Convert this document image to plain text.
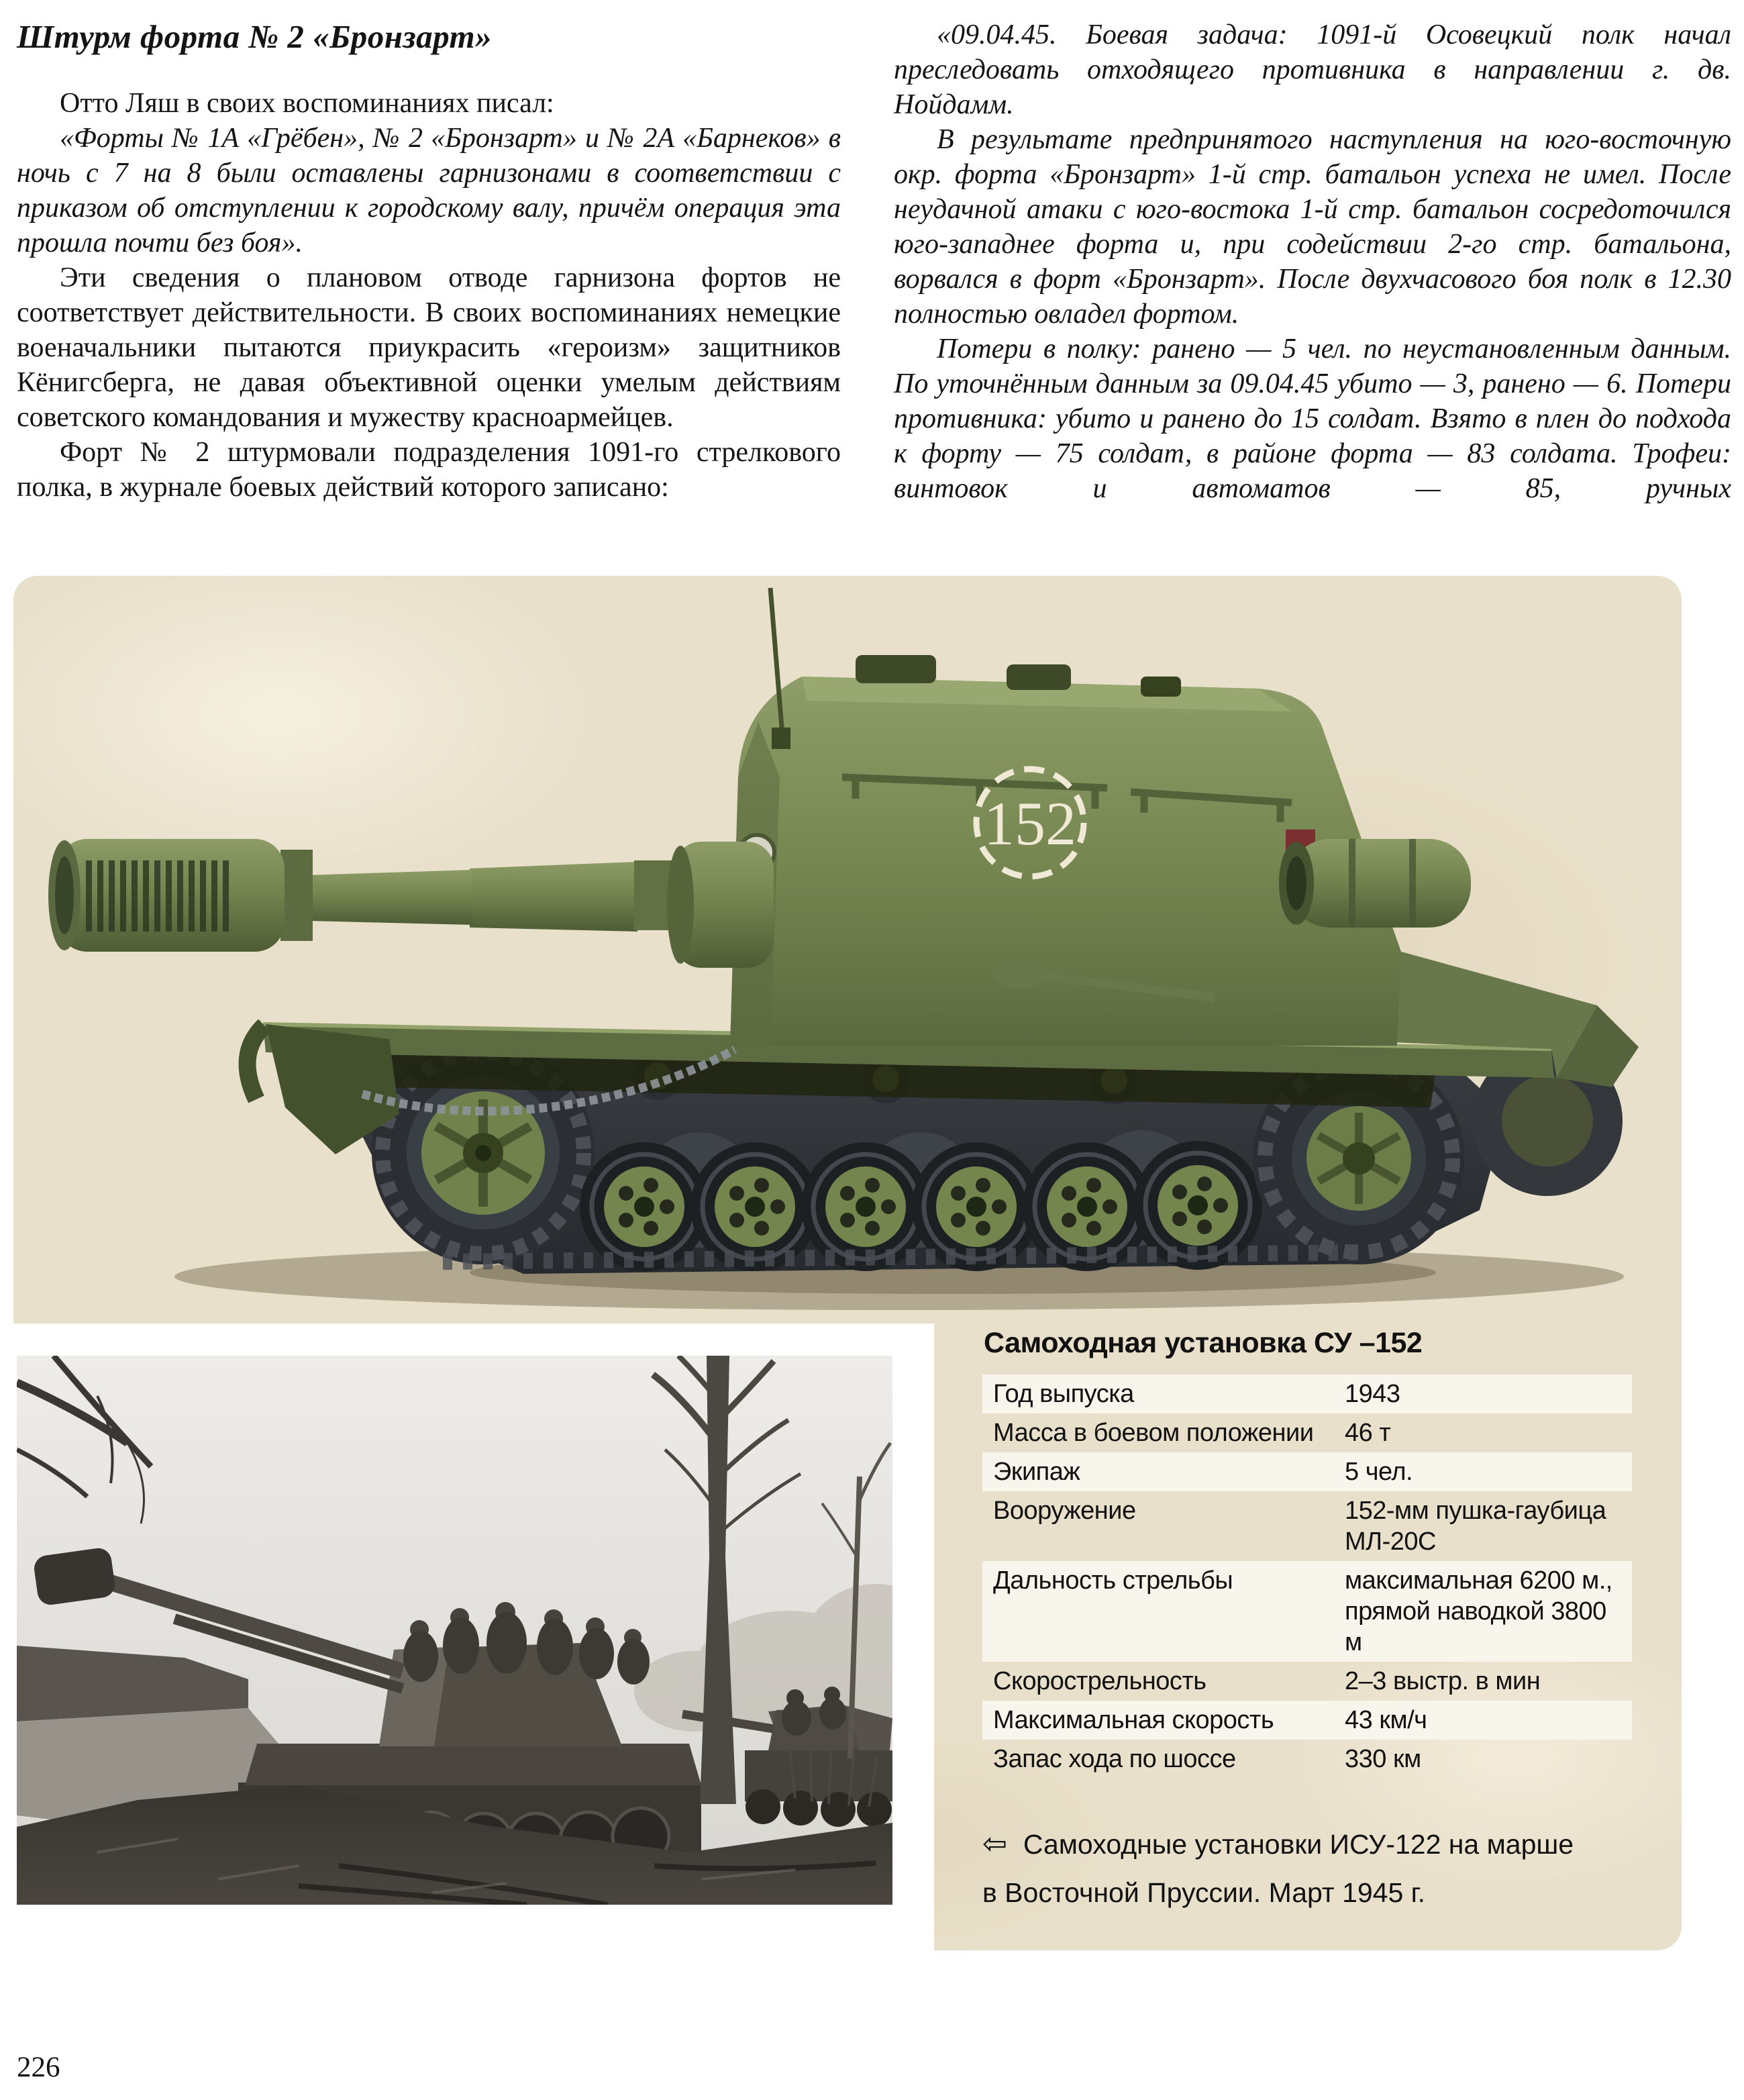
Штурм форта № 2 «Бронзарт»

Отто Ляш в своих воспоминаниях писал:

«Форты № 1А «Грёбен», № 2 «Бронзарт» и № 2А «Барнеков» в ночь с 7 на 8 были оставлены гарнизонами в соответствии с приказом об отступлении к городскому валу, причём операция эта прошла почти без боя».

Эти сведения о плановом отводе гарнизона фортов не соответствует действительности. В своих воспоминаниях немецкие военачальники пытаются приукрасить «героизм» защитников Кёнигсберга, не давая объективной оценки умелым действиям советского командования и мужеству красноармейцев.

Форт № 2 штурмовали подразделения 1091-го стрелкового полка, в журнале боевых действий которого записано:

«09.04.45. Боевая задача: 1091-й Осовецкий полк начал преследовать отходящего противника в направлении г. дв. Нойдамм.

В результате предпринятого наступления на юго-восточную окр. форта «Бронзарт» 1-й стр. батальон успеха не имел. После неудачной атаки с юго-востока 1-й стр. батальон сосредоточился юго-западнее форта и, при содействии 2-го стр. батальона, ворвался в форт «Бронзарт». После двухчасового боя полк в 12.30 полностью овладел фортом.

Потери в полку: ранено — 5 чел. по неустановленным данным. По уточнённым данным за 09.04.45 убито — 3, ранено — 6. Потери противника: убито и ранено до 15 солдат. Взято в плен до подхода к форту — 75 солдат, в районе форта — 83 солдата. Трофеи: винтовок и автоматов — 85, ручных

152
Самоходная установка СУ –152
Год выпуска	1943
Масса в боевом положении	46 т
Экипаж	5 чел.
Вооружение	152-мм пушка-гаубица МЛ-20С
Дальность стрельбы	максимальная 6200 м., прямой наводкой 3800 м
Скорострельность	2–3 выстр. в мин
Максимальная скорость	43 км/ч
Запас хода по шоссе	330 км
⇦ Самоходные установки ИСУ-122 на марше
в Восточной Пруссии. Март 1945 г.
226
